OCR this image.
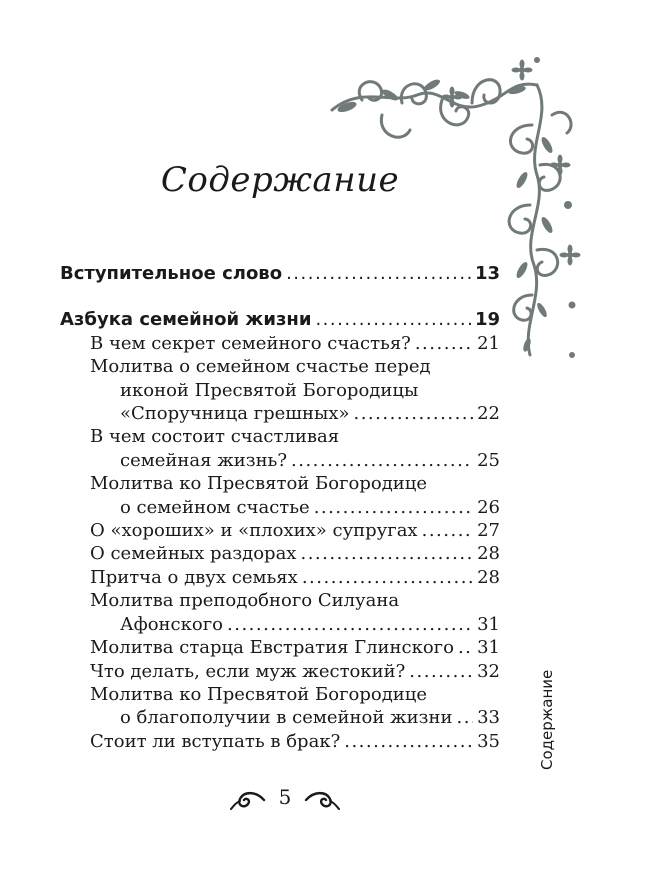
Содержание
Вступительное слово .....	13
Азбука семейной жизни .....	19
В чем секрет семейного счастья? .....	21
Молитва о семейном счастье перед
иконой Пресвятой Богородицы
«Споручница грешных» .....	22
В чем состоит счастливая
семейная жизнь? .....	25
Молитва ко Пресвятой Богородице
о семейном счастье .....	26
О «хороших» и «плохих» супругах .....	27
О семейных раздорах .....	28
Притча о двух семьях .....	28
Молитва преподобного Силуана
Афонского .....	31
Молитва старца Евстратия Глинского ..... 31
Что делать, если муж жестокий? .....	32
Молитва ко Пресвятой Богородице
о благополучии в семейной жизни ..... 33
Стоит ли вступать в брак? .....	35	Содержание
5
